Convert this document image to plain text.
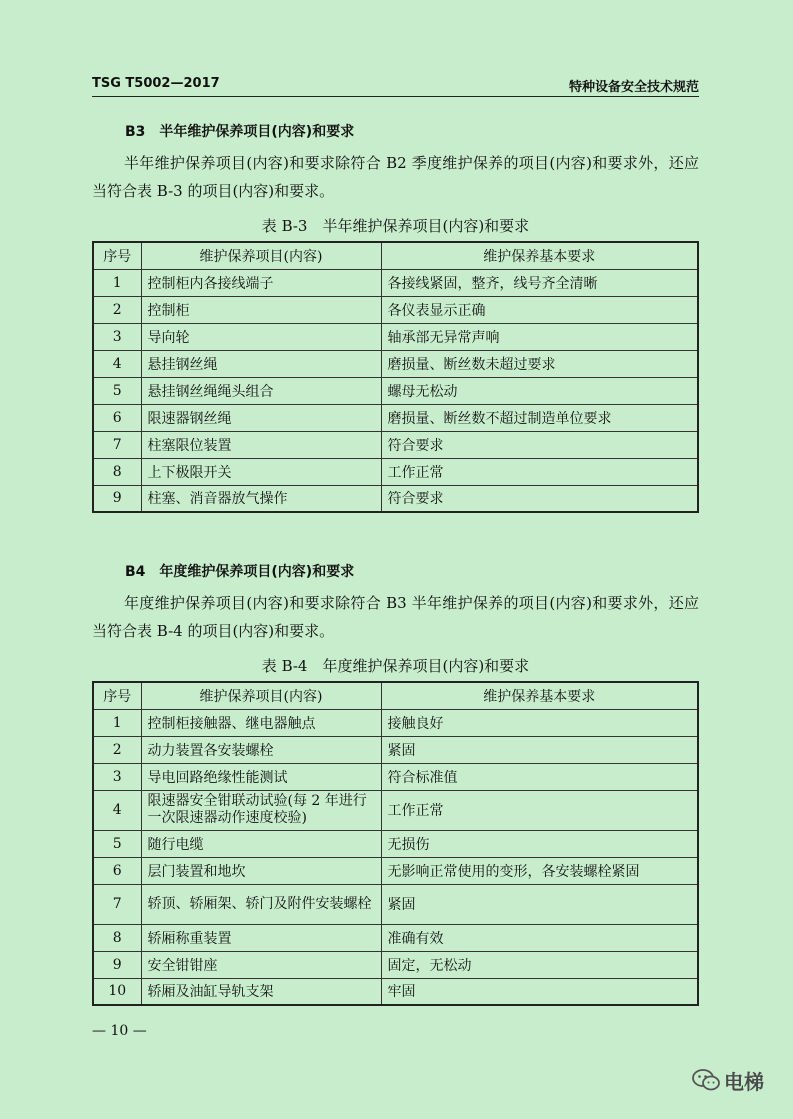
TSG T5002—2017	特种设备安全技术规范
B3　半年维护保养项目(内容)和要求
半年维护保养项目(内容)和要求除符合 B2 季度维护保养的项目(内容)和要求外，还应当符合表 B-3 的项目(内容)和要求。
表 B-3　半年维护保养项目(内容)和要求
序号	维护保养项目(内容)	维护保养基本要求
1	控制柜内各接线端子	各接线紧固，整齐，线号齐全清晰
2	控制柜	各仪表显示正确
3	导向轮	轴承部无异常声响
4	悬挂钢丝绳	磨损量、断丝数未超过要求
5	悬挂钢丝绳绳头组合	螺母无松动
6	限速器钢丝绳	磨损量、断丝数不超过制造单位要求
7	柱塞限位装置	符合要求
8	上下极限开关	工作正常
9	柱塞、消音器放气操作	符合要求
B4　年度维护保养项目(内容)和要求
年度维护保养项目(内容)和要求除符合 B3 半年维护保养的项目(内容)和要求外，还应当符合表 B-4 的项目(内容)和要求。
表 B-4　年度维护保养项目(内容)和要求
序号	维护保养项目(内容)	维护保养基本要求
1	控制柜接触器、继电器触点	接触良好
2	动力装置各安装螺栓	紧固
3	导电回路绝缘性能测试	符合标准值
4	限速器安全钳联动试验(每 2 年进行一次限速器动作速度校验)	工作正常
5	随行电缆	无损伤
6	层门装置和地坎	无影响正常使用的变形，各安装螺栓紧固
7	轿顶、轿厢架、轿门及附件安装螺栓	紧固
8	轿厢称重装置	准确有效
9	安全钳钳座	固定，无松动
10	轿厢及油缸导轨支架	牢固
— 10 —
电梯
